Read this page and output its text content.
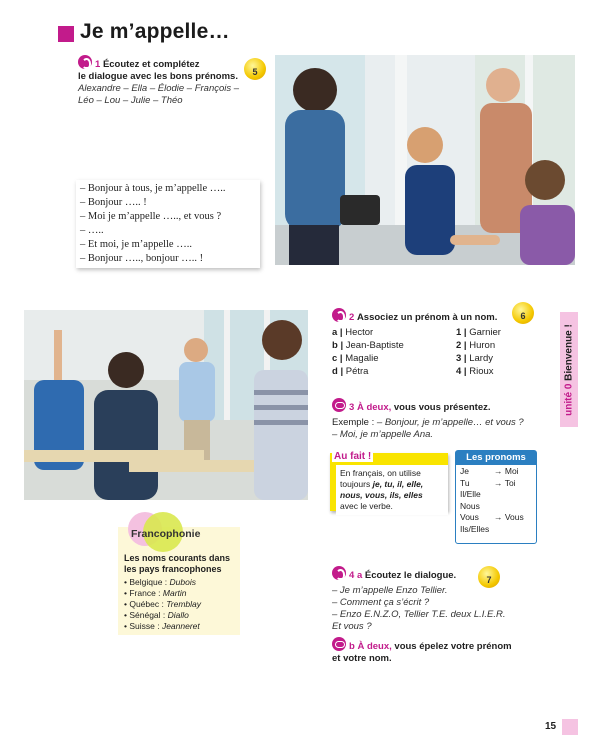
Je m’appelle…
1 Écoutez et complétez
le dialogue avec les bons prénoms.
Alexandre – Ella – Élodie – François –
Léo – Lou – Julie – Théo
5
– Bonjour à tous, je m’appelle …..
– Bonjour ….. !
– Moi je m’appelle ….., et vous ?
– …..
– Et moi, je m’appelle …..
– Bonjour ….., bonjour ….. !
unité 0 Bienvenue !
2 Associez un prénom à un nom.	6
a | Hector	1 | Garnier
b | Jean-Baptiste	2 | Huron
c | Magalie	3 | Lardy
d | Pétra	4 | Rioux
3 À deux, vous vous présentez.
Exemple : – Bonjour, je m’appelle… et vous ?
– Moi, je m’appelle Ana.
Au fait !
En français, on utilise
toujours je, tu, il, elle,
nous, vous, ils, elles
avec le verbe.
Les pronoms
Je	→ Moi
Tu	→ Toi
Il/Elle
Nous
Vous	→ Vous
Ils/Elles
Francophonie
Les noms courants dans
les pays francophones
• Belgique : Dubois
• France : Martin
• Québec : Tremblay
• Sénégal : Diallo
• Suisse : Jeanneret
4 a Écoutez le dialogue.
– Je m’appelle Enzo Tellier.
– Comment ça s’écrit ?
– Enzo E.N.Z.O, Tellier T.E. deux L.I.E.R.
Et vous ?
b À deux, vous épelez votre prénom
et votre nom.
7
15
